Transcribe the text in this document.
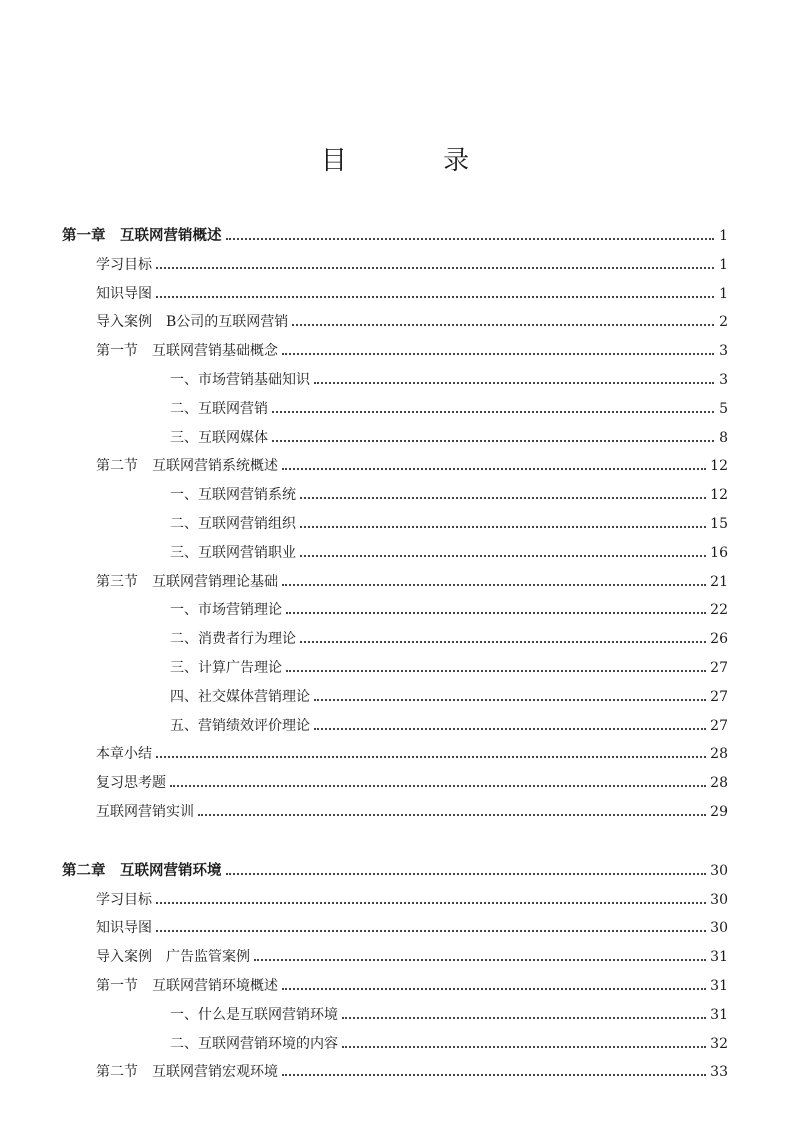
目 录
第一章　互联网营销概述	1
学习目标	1
知识导图	1
导入案例　B公司的互联网营销	2
第一节　互联网营销基础概念	3
一、市场营销基础知识	3
二、互联网营销	5
三、互联网媒体	8
第二节　互联网营销系统概述	12
一、互联网营销系统	12
二、互联网营销组织	15
三、互联网营销职业	16
第三节　互联网营销理论基础	21
一、市场营销理论	22
二、消费者行为理论	26
三、计算广告理论	27
四、社交媒体营销理论	27
五、营销绩效评价理论	27
本章小结	28
复习思考题	28
互联网营销实训	29
第二章　互联网营销环境	30
学习目标	30
知识导图	30
导入案例　广告监管案例	31
第一节　互联网营销环境概述	31
一、什么是互联网营销环境	31
二、互联网营销环境的内容	32
第二节　互联网营销宏观环境	33
